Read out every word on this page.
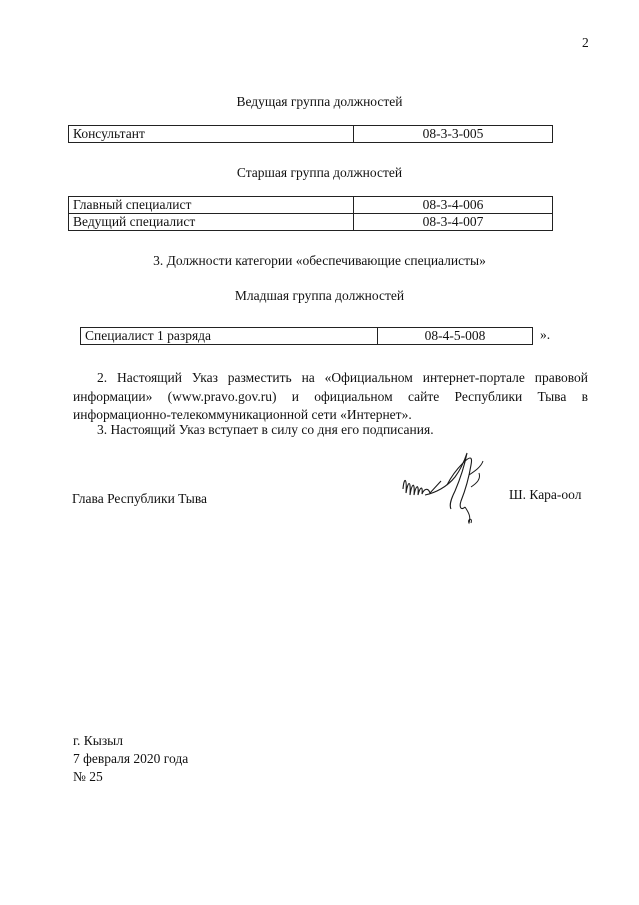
2
Ведущая группа должностей
Консультант	08-3-3-005
Старшая группа должностей
Главный специалист	08-3-4-006
Ведущий специалист	08-3-4-007
3. Должности категории «обеспечивающие специалисты»
Младшая группа должностей
Специалист 1 разряда	08-4-5-008	».
2. Настоящий Указ разместить на «Официальном интернет-портале правовой информации» (www.pravo.gov.ru) и официальном сайте Республики Тыва в информационно-телекоммуникационной сети «Интернет».
3. Настоящий Указ вступает в силу со дня его подписания.
Глава Республики Тыва	Ш. Кара-оол
г. Кызыл
7 февраля 2020 года
№ 25
